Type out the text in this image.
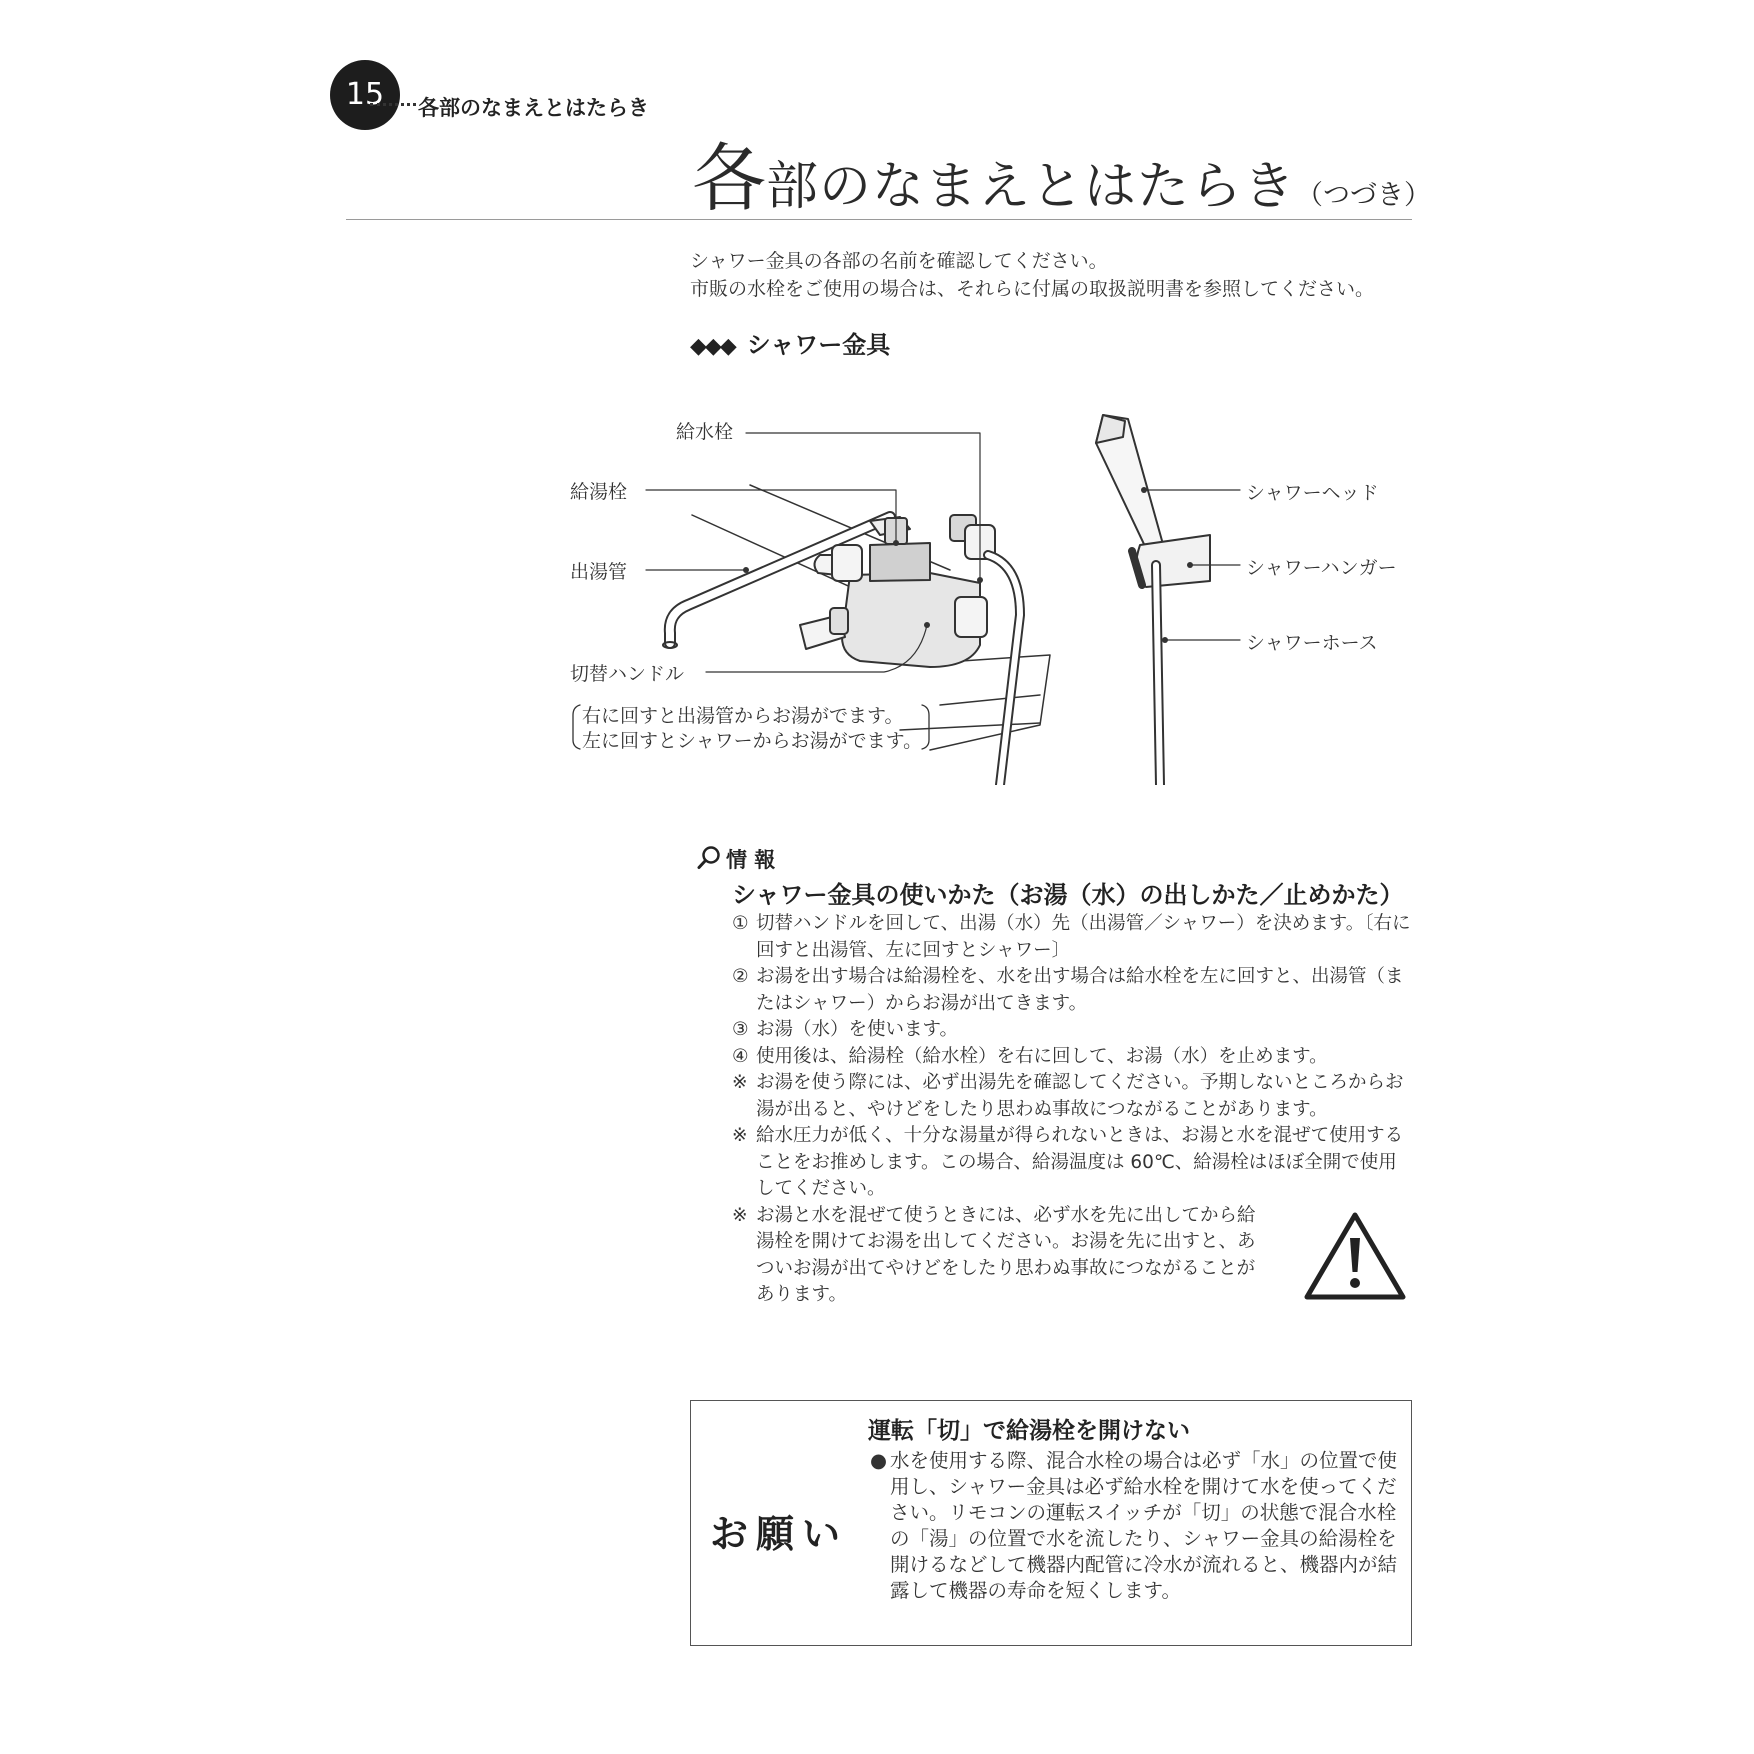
15	各部のなまえとはたらき
各部のなまえとはたらき（つづき）
シャワー金具の各部の名前を確認してください。
市販の水栓をご使用の場合は、それらに付属の取扱説明書を参照してください。
◆◆◆ シャワー金具
給水栓
給湯栓
出湯管
切替ハンドル
右に回すと出湯管からお湯がでます。
左に回すとシャワーからお湯がでます。
シャワーヘッド
シャワーハンガー
シャワーホース
情 報
シャワー金具の使いかた（お湯（水）の出しかた／止めかた）
① 切替ハンドルを回して、出湯（水）先（出湯管／シャワー）を決めます。〔右に回すと出湯管、左に回すとシャワー〕
② お湯を出す場合は給湯栓を、水を出す場合は給水栓を左に回すと、出湯管（またはシャワー）からお湯が出てきます。
③ お湯（水）を使います。
④ 使用後は、給湯栓（給水栓）を右に回して、お湯（水）を止めます。
※ お湯を使う際には、必ず出湯先を確認してください。予期しないところからお湯が出ると、やけどをしたり思わぬ事故につながることがあります。
※ 給水圧力が低く、十分な湯量が得られないときは、お湯と水を混ぜて使用することをお推めします。この場合、給湯温度は 60℃、給湯栓はほぼ全開で使用してください。
※ お湯と水を混ぜて使うときには、必ず水を先に出してから給湯栓を開けてお湯を出してください。お湯を先に出すと、あついお湯が出てやけどをしたり思わぬ事故につながることがあります。
お願い
運転「切」で給湯栓を開けない
● 水を使用する際、混合水栓の場合は必ず「水」の位置で使用し、シャワー金具は必ず給水栓を開けて水を使ってください。リモコンの運転スイッチが「切」の状態で混合水栓の「湯」の位置で水を流したり、シャワー金具の給湯栓を開けるなどして機器内配管に冷水が流れると、機器内が結露して機器の寿命を短くします。
